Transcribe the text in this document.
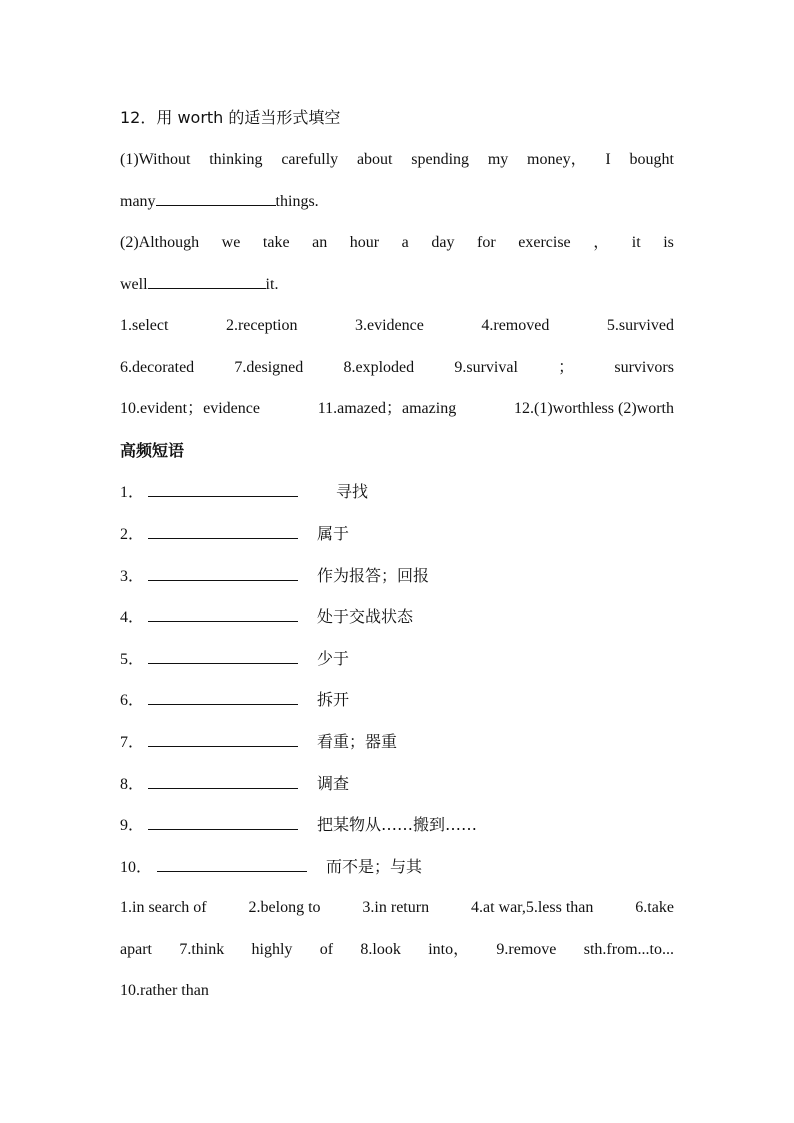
12．用 worth 的适当形式填空
(1)Without thinking carefully about spending my money， I bought
many	things.
(2)Although we take an hour a day for exercise ， it is
well	it.
1.select	2.reception	3.evidence	4.removed	5.survived
6.decorated	7.designed	8.exploded	9.survival	；	survivors
10.evident；evidence	11.amazed；amazing	12.(1)worthless (2)worth
高频短语
1．	寻找
2．	属于
3．	作为报答；回报
4．	处于交战状态
5．	少于
6．	拆开
7．	看重；器重
8．	调查
9．	把某物从……搬到……
10．	而不是；与其
1.in search of	2.belong to	3.in return	4.at war,5.less than	6.take
apart 7.think highly of 8.look into， 9.remove sth.from...to...
10.rather than
